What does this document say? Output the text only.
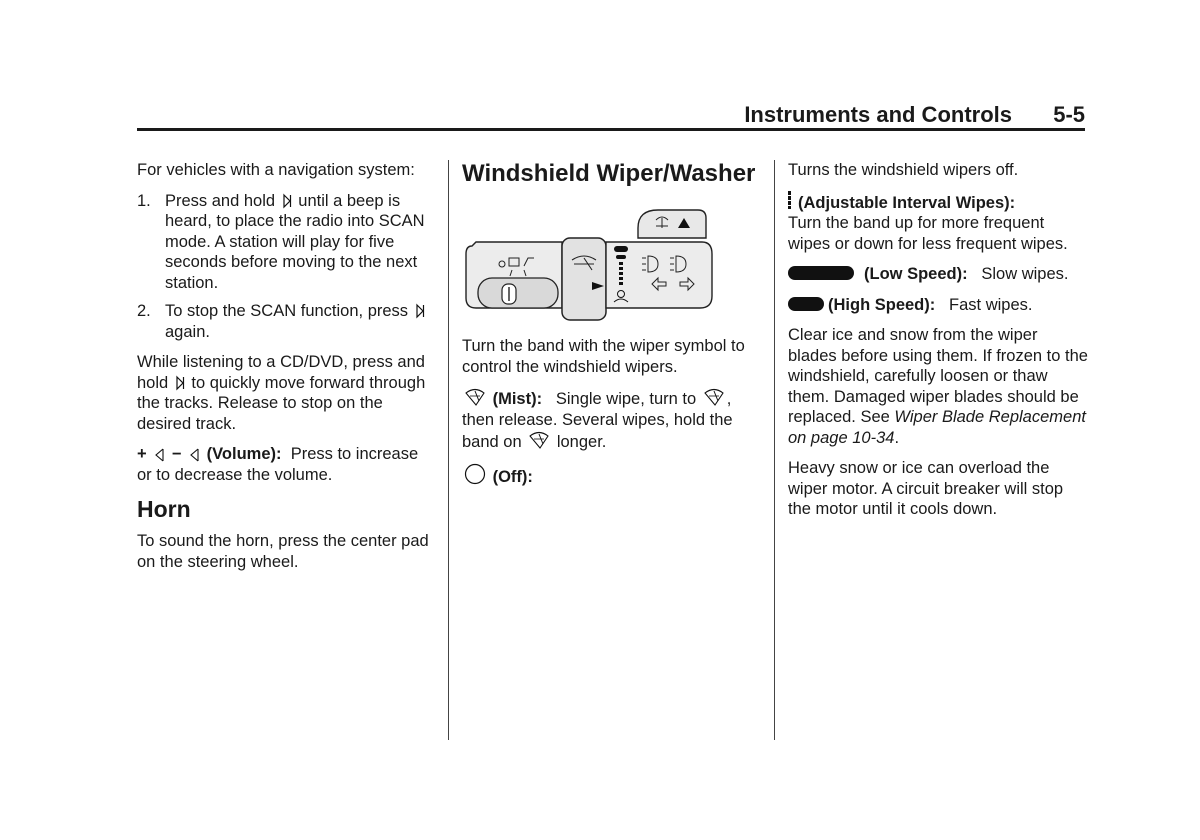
Instruments and Controls 5-5

For vehicles with a navigation system:

1. Press and hold until a beep is heard, to place the radio into SCAN mode. A station will play for five seconds before moving to the next station.
2. To stop the SCAN function, press  again.

While listening to a CD/DVD, press and hold to quickly move forward through the tracks. Release to stop on the desired track.

+ − (Volume): Press to increase or to decrease the volume.

Horn

To sound the horn, press the center pad on the steering wheel.

Windshield Wiper/Washer

Turn the band with the wiper symbol to control the windshield wipers.

(Mist): Single wipe, turn to , then release. Several wipes, hold the band on longer.

(Off):

Turns the windshield wipers off.

(Adjustable Interval Wipes):
Turn the band up for more frequent wipes or down for less frequent wipes.

(Low Speed): Slow wipes.

(High Speed): Fast wipes.

Clear ice and snow from the wiper blades before using them. If frozen to the windshield, carefully loosen or thaw them. Damaged wiper blades should be replaced. See Wiper Blade Replacement on page 10-34.

Heavy snow or ice can overload the wiper motor. A circuit breaker will stop the motor until it cools down.
